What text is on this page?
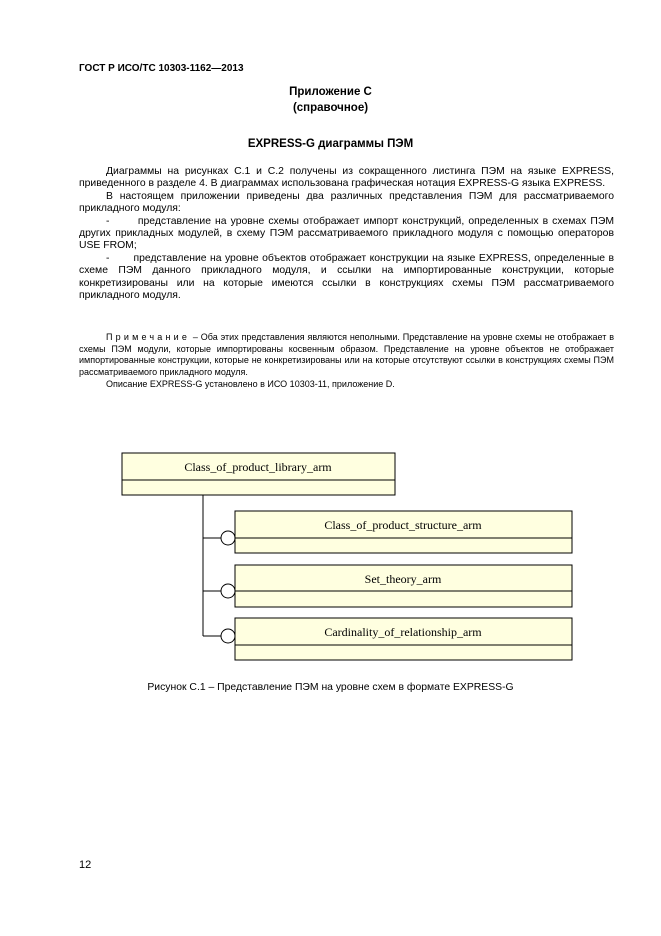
ГОСТ Р ИСО/ТС 10303-1162—2013
Приложение С
(справочное)
EXPRESS-G диаграммы ПЭМ

Диаграммы на рисунках С.1 и С.2 получены из сокращенного листинга ПЭМ на языке EXPRESS, приведенного в разделе 4. В диаграммах использована графическая нотация EXPRESS-G языка EXPRESS.

В настоящем приложении приведены два различных представления ПЭМ для рассматриваемого прикладного модуля:

-       представление на уровне схемы отображает импорт конструкций, определенных в схемах ПЭМ других прикладных модулей, в схему ПЭМ рассматриваемого прикладного модуля с помощью операторов USE FROM;

-       представление на уровне объектов отображает конструкции на языке EXPRESS, определенные в схеме ПЭМ данного прикладного модуля, и ссылки на импортированные конструкции, которые конкретизированы или на которые имеются ссылки в конструкциях схемы ПЭМ рассматриваемого прикладного модуля.

Примечание – Оба этих представления являются неполными. Представление на уровне схемы не отображает в схемы ПЭМ модули, которые импортированы косвенным образом. Представление на уровне объектов не отображает импортированные конструкции, которые не конкретизированы или на которые отсутствуют ссылки в конструкциях схемы ПЭМ рассматриваемого прикладного модуля.

Описание EXPRESS-G установлено в ИСО 10303-11, приложение D.

Class_of_product_library_arm
Class_of_product_structure_arm
Set_theory_arm
Cardinality_of_relationship_arm
Рисунок С.1 – Представление ПЭМ на уровне схем в формате EXPRESS-G
12
